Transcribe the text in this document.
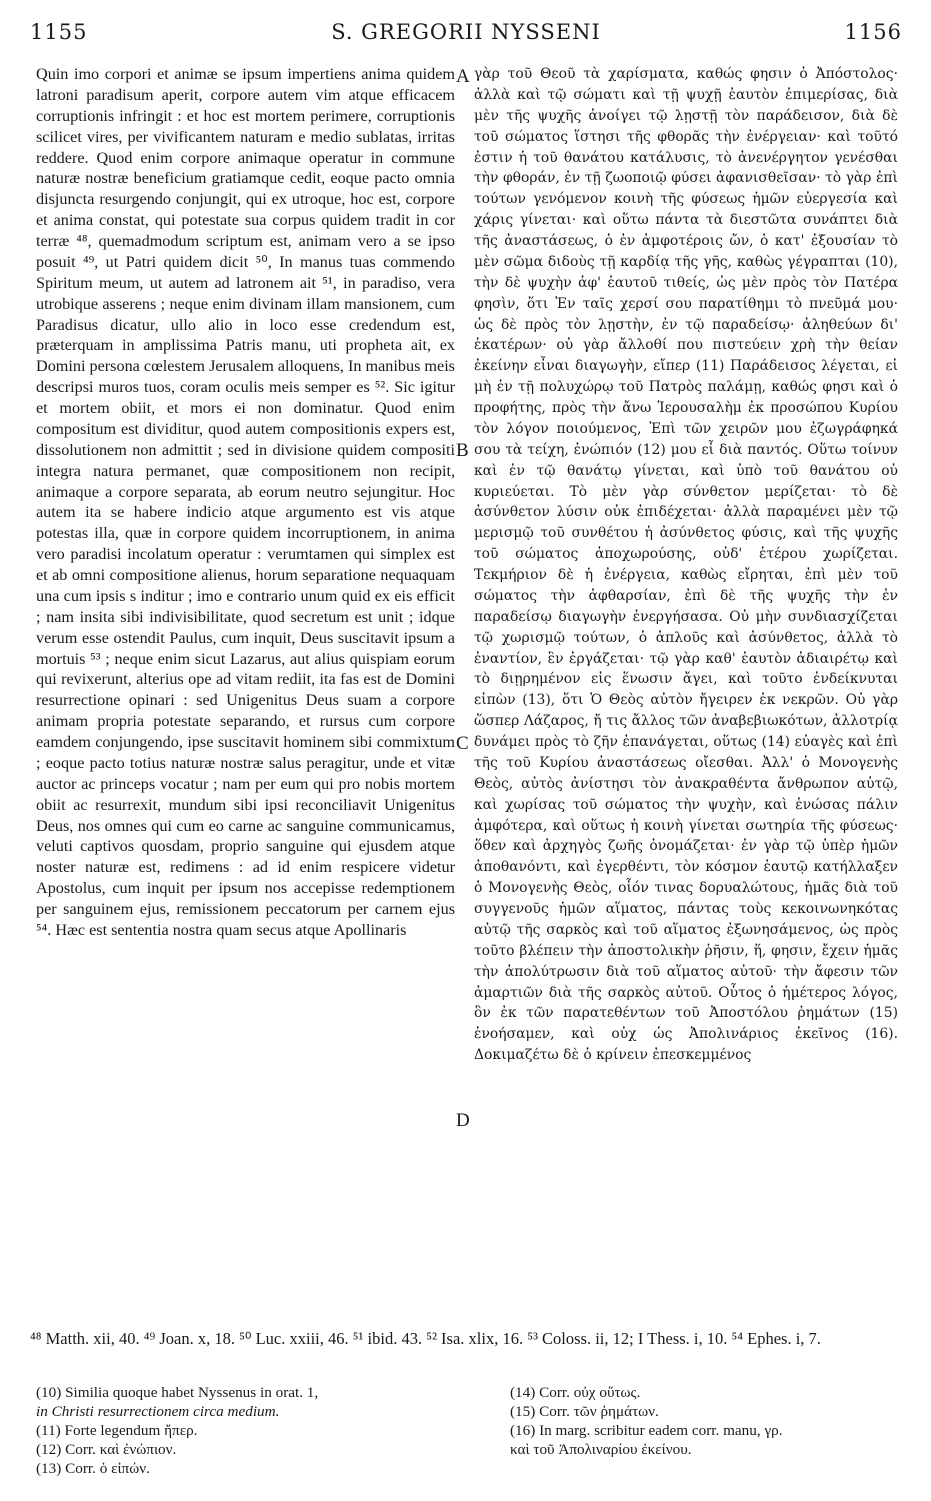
1155	S. GREGORII NYSSENI	1156
Quin imo corpori et animæ se ipsum impertiens anima quidem latroni paradisum aperit, corpore autem vim atque efficacem corruptionis infringit : et hoc est mortem perimere, corruptionis scilicet vires, per vivificantem naturam e medio sublatas, irritas reddere. Quod enim corpore animaque operatur in commune naturæ nostræ beneficium gratiamque cedit, eoque pacto omnia disjuncta resurgendo conjungit, qui ex utroque, hoc est, corpore et anima constat, qui potestate sua corpus quidem tradit in cor terræ ⁴⁸, quemadmodum scriptum est, animam vero a se ipso posuit ⁴⁹, ut Patri quidem dicit ⁵⁰, In manus tuas commendo Spiritum meum, ut autem ad latronem ait ⁵¹, in paradiso, vera utrobique asserens ; neque enim divinam illam mansionem, cum Paradisus dicatur, ullo alio in loco esse credendum est, præterquam in amplissima Patris manu, uti propheta ait, ex Domini persona cœlestem Jerusalem alloquens, In manibus meis descripsi muros tuos, coram oculis meis semper es ⁵². Sic igitur et mortem obiit, et mors ei non dominatur. Quod enim compositum est dividitur, quod autem compositionis expers est, dissolutionem non admittit ; sed in divisione quidem compositi integra natura permanet, quæ compositionem non recipit, animaque a corpore separata, ab eorum neutro sejungitur. Hoc autem ita se habere indicio atque argumento est vis atque potestas illa, quæ in corpore quidem incorruptionem, in anima vero paradisi incolatum operatur : verumtamen qui simplex est et ab omni compositione alienus, horum separatione nequaquam una cum ipsis s inditur ; imo e contrario unum quid ex eis efficit ; nam insita sibi indivisibilitate, quod secretum est unit ; idque verum esse ostendit Paulus, cum inquit, Deus suscitavit ipsum a mortuis ⁵³ ; neque enim sicut Lazarus, aut alius quispiam eorum qui revixerunt, alterius ope ad vitam rediit, ita fas est de Domini resurrectione opinari : sed Unigenitus Deus suam a corpore animam propria potestate separando, et rursus cum corpore eamdem conjungendo, ipse suscitavit hominem sibi commixtum ; eoque pacto totius naturæ nostræ salus peragitur, unde et vitæ auctor ac princeps vocatur ; nam per eum qui pro nobis mortem obiit ac resurrexit, mundum sibi ipsi reconciliavit Unigenitus Deus, nos omnes qui cum eo carne ac sanguine communicamus, veluti captivos quosdam, proprio sanguine qui ejusdem atque noster naturæ est, redimens : ad id enim respicere videtur Apostolus, cum inquit per ipsum nos accepisse redemptionem per sanguinem ejus, remissionem peccatorum per carnem ejus ⁵⁴. Hæc est sententia nostra quam secus atque Apollinaris
γὰρ τοῦ Θεοῦ τὰ χαρίσματα, καθώς φησιν ὁ Ἀπόστολος· ἀλλὰ καὶ τῷ σώματι καὶ τῇ ψυχῇ ἑαυτὸν ἐπιμερίσας, διὰ μὲν τῆς ψυχῆς ἀνοίγει τῷ λῃστῇ τὸν παράδεισον, διὰ δὲ τοῦ σώματος ἵστησι τῆς φθορᾶς τὴν ἐνέργειαν· καὶ τοῦτό ἐστιν ἡ τοῦ θανάτου κατάλυσις, τὸ ἀνενέργητον γενέσθαι τὴν φθοράν, ἐν τῇ ζωοποιῷ φύσει ἀφανισθεῖσαν· τὸ γὰρ ἐπὶ τούτων γενόμενον κοινὴ τῆς φύσεως ἡμῶν εὐεργεσία καὶ χάρις γίνεται· καὶ οὕτω πάντα τὰ διεστῶτα συνάπτει διὰ τῆς ἀναστάσεως, ὁ ἐν ἀμφοτέροις ὤν, ὁ κατ' ἐξουσίαν τὸ μὲν σῶμα διδοὺς τῇ καρδίᾳ τῆς γῆς, καθὼς γέγραπται (10), τὴν δὲ ψυχὴν ἀφ' ἑαυτοῦ τιθείς, ὡς μὲν πρὸς τὸν Πατέρα φησὶν, ὅτι Ἐν ταῖς χερσί σου παρατίθημι τὸ πνεῦμά μου· ὡς δὲ πρὸς τὸν λῃστὴν, ἐν τῷ παραδείσῳ· ἀληθεύων δι' ἑκατέρων· οὐ γὰρ ἄλλοθί που πιστεύειν χρὴ τὴν θείαν ἐκείνην εἶναι διαγωγὴν, εἴπερ (11) Παράδεισος λέγεται, εἰ μὴ ἐν τῇ πολυχώρῳ τοῦ Πατρὸς παλάμῃ, καθώς φησι καὶ ὁ προφήτης, πρὸς τὴν ἄνω Ἱερουσαλὴμ ἐκ προσώπου Κυρίου τὸν λόγον ποιούμενος, Ἐπὶ τῶν χειρῶν μου ἐζωγράφηκά σου τὰ τείχη, ἐνώπιόν (12) μου εἶ διὰ παντός. Οὕτω τοίνυν καὶ ἐν τῷ θανάτῳ γίνεται, καὶ ὑπὸ τοῦ θανάτου οὐ κυριεύεται. Τὸ μὲν γὰρ σύνθετον μερίζεται· τὸ δὲ ἀσύνθετον λύσιν οὐκ ἐπιδέχεται· ἀλλὰ παραμένει μὲν τῷ μερισμῷ τοῦ συνθέτου ἡ ἀσύνθετος φύσις, καὶ τῆς ψυχῆς τοῦ σώματος ἀποχωρούσης, οὐδ' ἑτέρου χωρίζεται. Τεκμήριον δὲ ἡ ἐνέργεια, καθὼς εἴρηται, ἐπὶ μὲν τοῦ σώματος τὴν ἀφθαρσίαν, ἐπὶ δὲ τῆς ψυχῆς τὴν ἐν παραδείσῳ διαγωγὴν ἐνεργήσασα. Οὐ μὴν συνδιασχίζεται τῷ χωρισμῷ τούτων, ὁ ἁπλοῦς καὶ ἀσύνθετος, ἀλλὰ τὸ ἐναντίον, ἓν ἐργάζεται· τῷ γὰρ καθ' ἑαυτὸν ἀδιαιρέτῳ καὶ τὸ διῃρημένον εἰς ἕνωσιν ἄγει, καὶ τοῦτο ἐνδείκνυται εἰπὼν (13), ὅτι Ὁ Θεὸς αὐτὸν ἤγειρεν ἐκ νεκρῶν. Οὐ γὰρ ὥσπερ Λάζαρος, ἤ τις ἄλλος τῶν ἀναβεβιωκότων, ἀλλοτρίᾳ δυνάμει πρὸς τὸ ζῆν ἐπανάγεται, οὕτως (14) εὐαγὲς καὶ ἐπὶ τῆς τοῦ Κυρίου ἀναστάσεως οἴεσθαι. Ἀλλ' ὁ Μονογενὴς Θεὸς, αὐτὸς ἀνίστησι τὸν ἀνακραθέντα ἄνθρωπον αὐτῷ, καὶ χωρίσας τοῦ σώματος τὴν ψυχὴν, καὶ ἑνώσας πάλιν ἀμφότερα, καὶ οὕτως ἡ κοινὴ γίνεται σωτηρία τῆς φύσεως· ὅθεν καὶ ἀρχηγὸς ζωῆς ὀνομάζεται· ἐν γὰρ τῷ ὑπὲρ ἡμῶν ἀποθανόντι, καὶ ἐγερθέντι, τὸν κόσμον ἑαυτῷ κατήλλαξεν ὁ Μονογενὴς Θεὸς, οἷόν τινας δορυαλώτους, ἡμᾶς διὰ τοῦ συγγενοῦς ἡμῶν αἵματος, πάντας τοὺς κεκοινωνηκότας αὐτῷ τῆς σαρκὸς καὶ τοῦ αἵματος ἐξωνησάμενος, ὡς πρὸς τοῦτο βλέπειν τὴν ἀποστολικὴν ῥῆσιν, ἥ, φησιν, ἔχειν ἡμᾶς τὴν ἀπολύτρωσιν διὰ τοῦ αἵματος αὐτοῦ· τὴν ἄφεσιν τῶν ἁμαρτιῶν διὰ τῆς σαρκὸς αὐτοῦ. Οὗτος ὁ ἡμέτερος λόγος, ὃν ἐκ τῶν παρατεθέντων τοῦ Ἀποστόλου ῥημάτων (15) ἐνοήσαμεν, καὶ οὐχ ὡς Ἀπολινάριος ἐκεῖνος (16). Δοκιμαζέτω δὲ ὁ κρίνειν ἐπεσκεμμένος
A
B
C
D
⁴⁸ Matth. xii, 40. ⁴⁹ Joan. x, 18. ⁵⁰ Luc. xxiii, 46. ⁵¹ ibid. 43. ⁵² Isa. xlix, 16. ⁵³ Coloss. ii, 12; I Thess. i, 10. ⁵⁴ Ephes. i, 7.
(10) Similia quoque habet Nyssenus in orat. 1,
in Christi resurrectionem circa medium.
(11) Forte legendum ἤπερ.
(12) Corr. καὶ ἐνώπιον.
(13) Corr. ὁ εἰπών.
(14) Corr. οὐχ οὕτως.
(15) Corr. τῶν ῥημάτων.
(16) In marg. scribitur eadem corr. manu, γρ.
καὶ τοῦ Ἀπολιναρίου ἐκείνου.
